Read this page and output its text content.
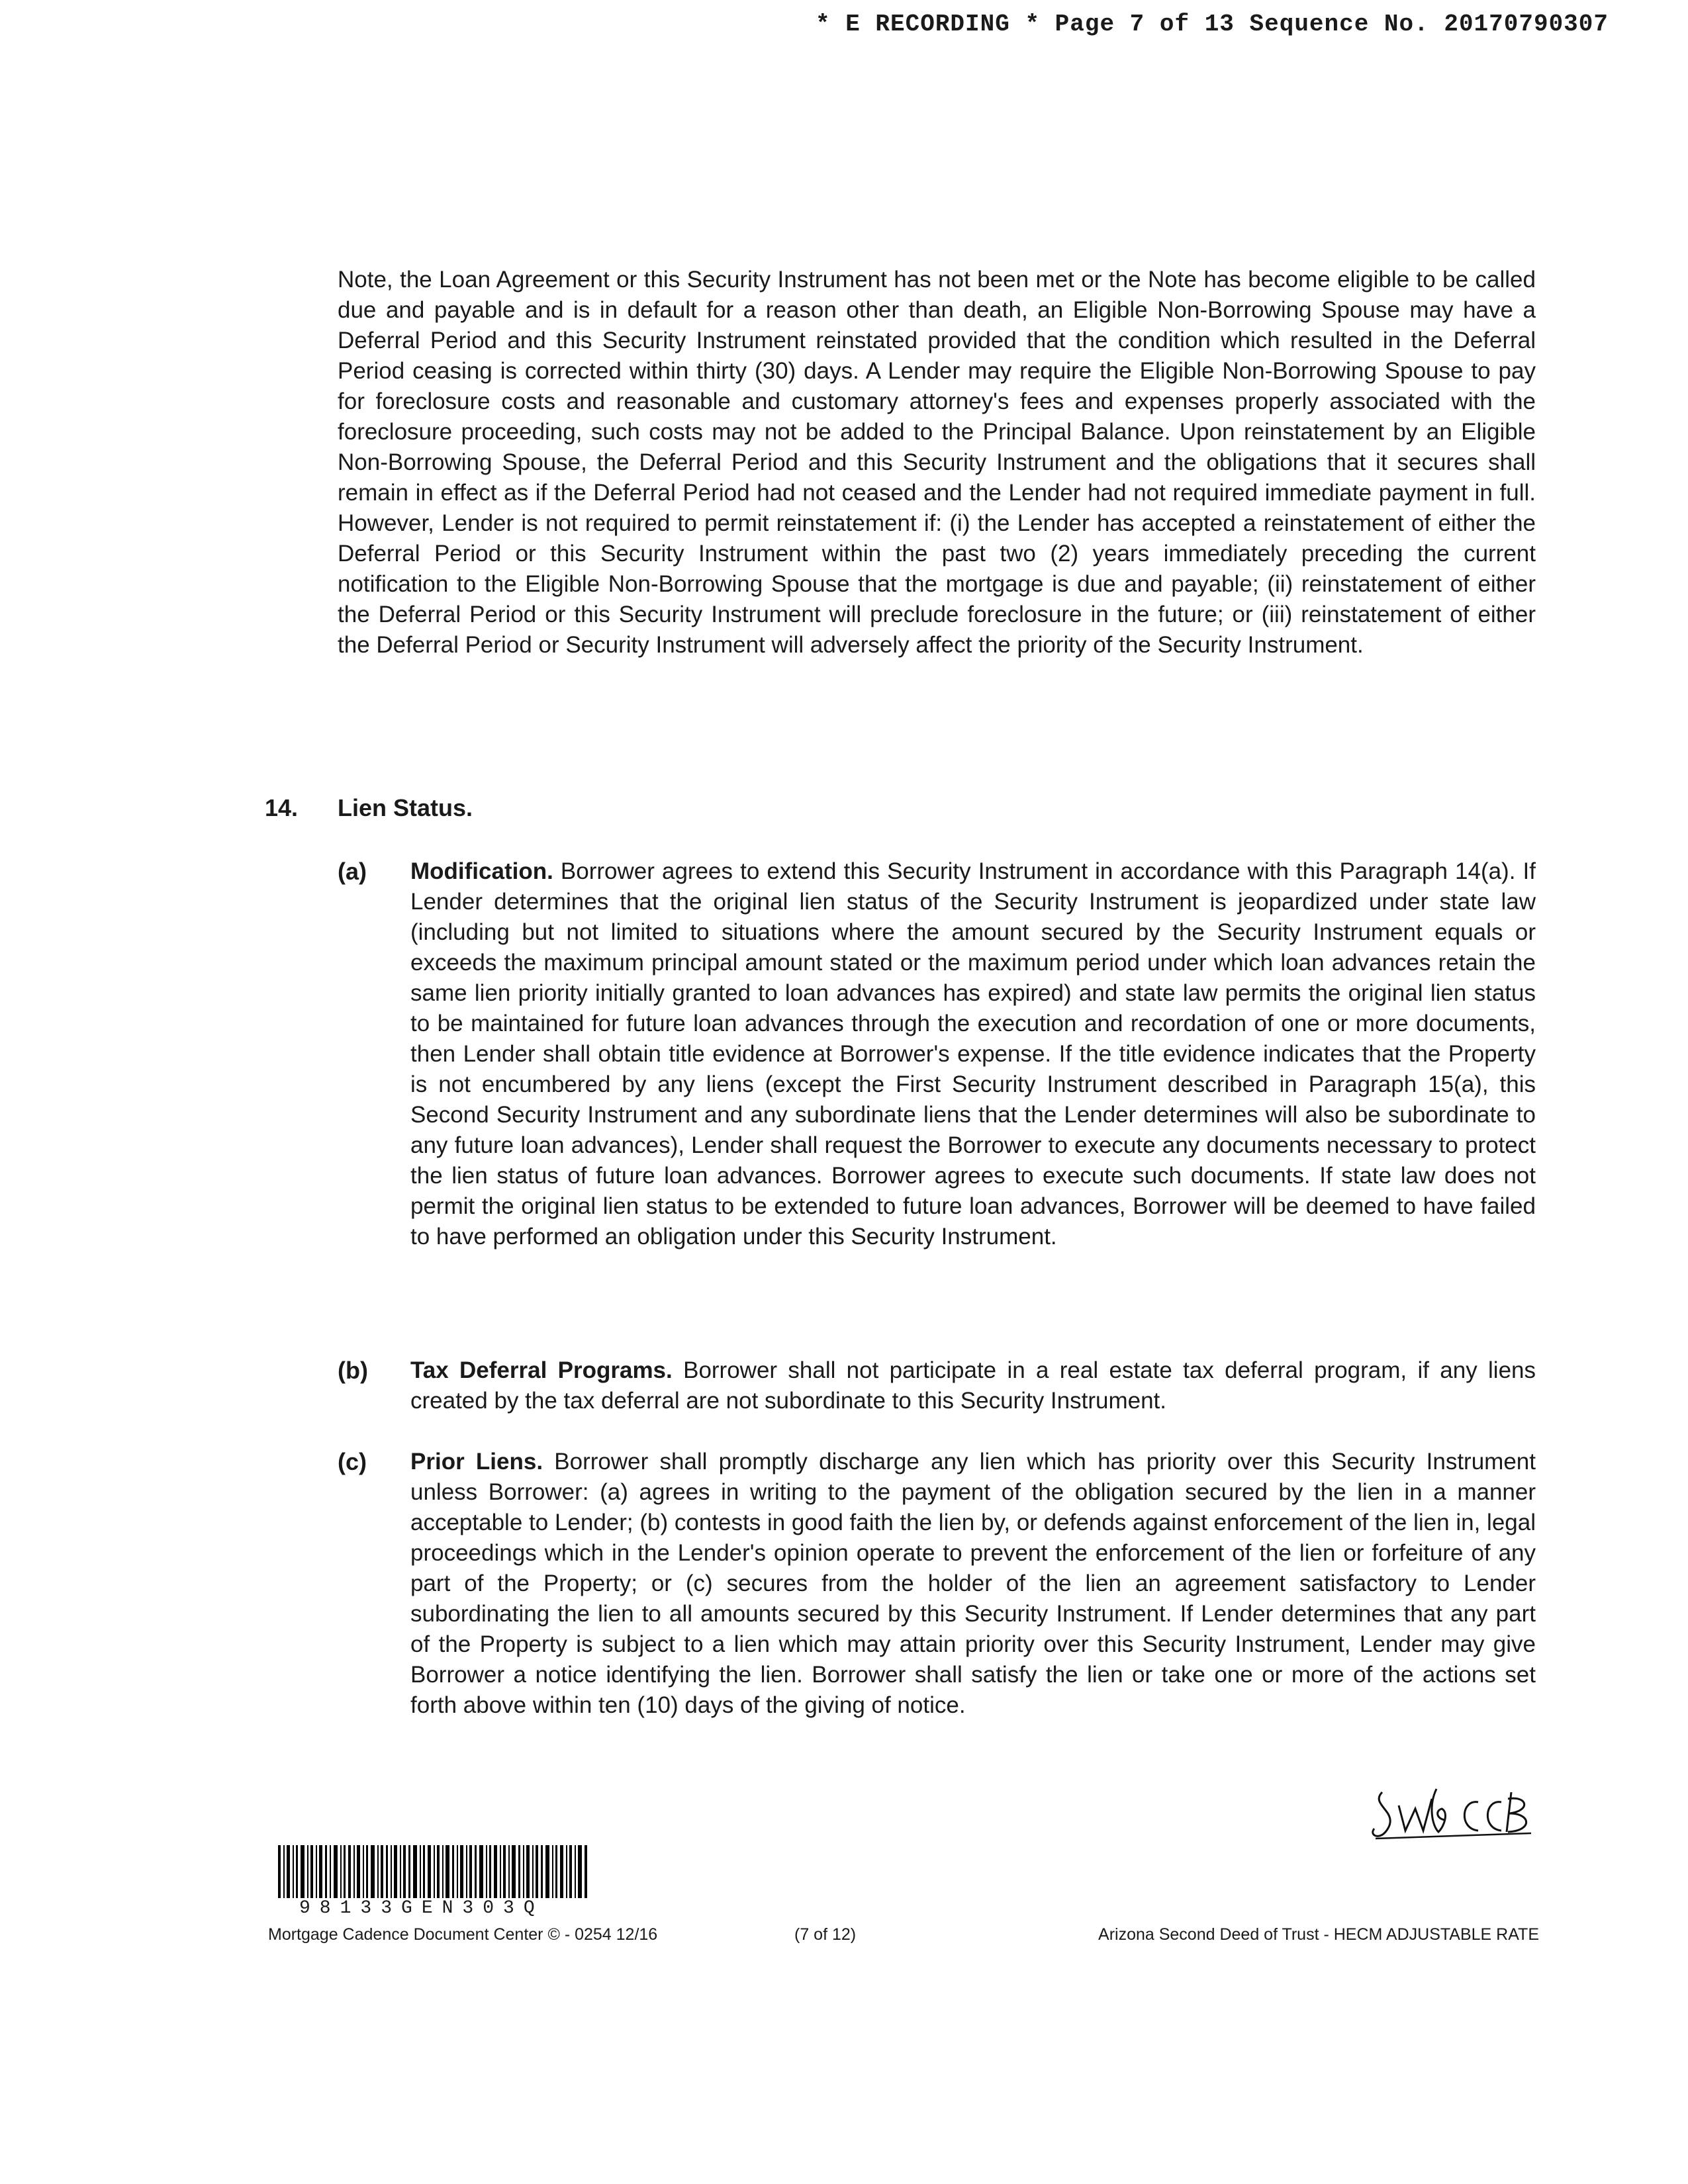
* E RECORDING * Page 7 of 13 Sequence No. 20170790307
Note, the Loan Agreement or this Security Instrument has not been met or the Note has become eligible to be called due and payable and is in default for a reason other than death, an Eligible Non-Borrowing Spouse may have a Deferral Period and this Security Instrument reinstated provided that the condition which resulted in the Deferral Period ceasing is corrected within thirty (30) days. A Lender may require the Eligible Non-Borrowing Spouse to pay for foreclosure costs and reasonable and customary attorney's fees and expenses properly associated with the foreclosure proceeding, such costs may not be added to the Principal Balance. Upon reinstatement by an Eligible Non-Borrowing Spouse, the Deferral Period and this Security Instrument and the obligations that it secures shall remain in effect as if the Deferral Period had not ceased and the Lender had not required immediate payment in full. However, Lender is not required to permit reinstatement if: (i) the Lender has accepted a reinstatement of either the Deferral Period or this Security Instrument within the past two (2) years immediately preceding the current notification to the Eligible Non-Borrowing Spouse that the mortgage is due and payable; (ii) reinstatement of either the Deferral Period or this Security Instrument will preclude foreclosure in the future; or (iii) reinstatement of either the Deferral Period or Security Instrument will adversely affect the priority of the Security Instrument.
14. Lien Status.
(a) Modification. Borrower agrees to extend this Security Instrument in accordance with this Paragraph 14(a). If Lender determines that the original lien status of the Security Instrument is jeopardized under state law (including but not limited to situations where the amount secured by the Security Instrument equals or exceeds the maximum principal amount stated or the maximum period under which loan advances retain the same lien priority initially granted to loan advances has expired) and state law permits the original lien status to be maintained for future loan advances through the execution and recordation of one or more documents, then Lender shall obtain title evidence at Borrower's expense. If the title evidence indicates that the Property is not encumbered by any liens (except the First Security Instrument described in Paragraph 15(a), this Second Security Instrument and any subordinate liens that the Lender determines will also be subordinate to any future loan advances), Lender shall request the Borrower to execute any documents necessary to protect the lien status of future loan advances. Borrower agrees to execute such documents. If state law does not permit the original lien status to be extended to future loan advances, Borrower will be deemed to have failed to have performed an obligation under this Security Instrument.
(b) Tax Deferral Programs. Borrower shall not participate in a real estate tax deferral program, if any liens created by the tax deferral are not subordinate to this Security Instrument.
(c) Prior Liens. Borrower shall promptly discharge any lien which has priority over this Security Instrument unless Borrower: (a) agrees in writing to the payment of the obligation secured by the lien in a manner acceptable to Lender; (b) contests in good faith the lien by, or defends against enforcement of the lien in, legal proceedings which in the Lender's opinion operate to prevent the enforcement of the lien or forfeiture of any part of the Property; or (c) secures from the holder of the lien an agreement satisfactory to Lender subordinating the lien to all amounts secured by this Security Instrument. If Lender determines that any part of the Property is subject to a lien which may attain priority over this Security Instrument, Lender may give Borrower a notice identifying the lien. Borrower shall satisfy the lien or take one or more of the actions set forth above within ten (10) days of the giving of notice.
98133GEN303Q
Mortgage Cadence Document Center © - 0254 12/16	(7 of 12)	Arizona Second Deed of Trust - HECM ADJUSTABLE RATE
